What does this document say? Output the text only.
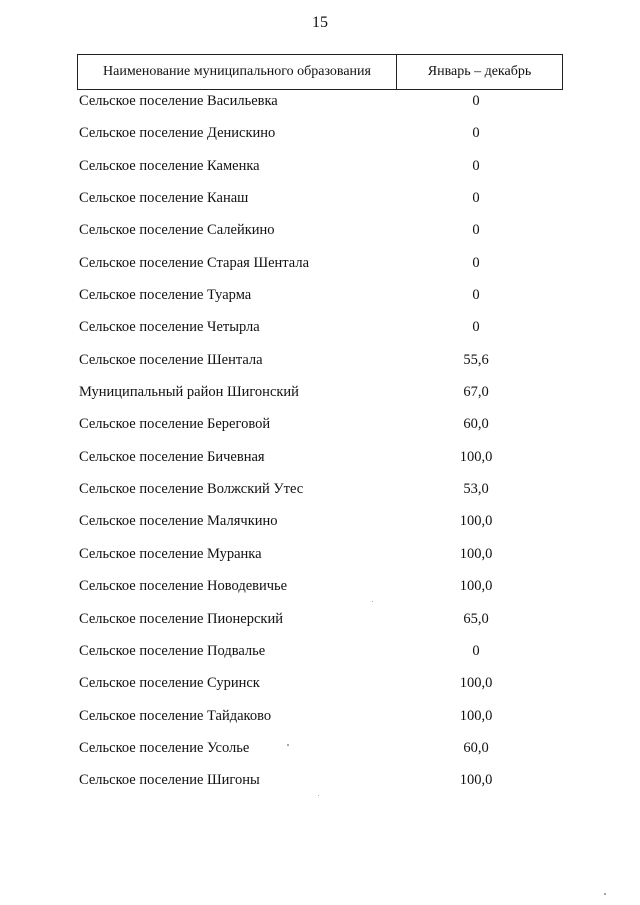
15
Наименование муниципального образования	Январь – декабрь
Сельское поселение Васильевка	0
Сельское поселение Денискино	0
Сельское поселение Каменка	0
Сельское поселение Канаш	0
Сельское поселение Салейкино	0
Сельское поселение Старая Шентала	0
Сельское поселение Туарма	0
Сельское поселение Четырла	0
Сельское поселение Шентала	55,6
Муниципальный район Шигонский	67,0
Сельское поселение Береговой	60,0
Сельское поселение Бичевная	100,0
Сельское поселение Волжский Утес	53,0
Сельское поселение Малячкино	100,0
Сельское поселение Муранка	100,0
Сельское поселение Новодевичье	100,0
Сельское поселение Пионерский	65,0
Сельское поселение Подвалье	0
Сельское поселение Суринск	100,0
Сельское поселение Тайдаково	100,0
Сельское поселение Усолье	60,0
Сельское поселение Шигоны	100,0
